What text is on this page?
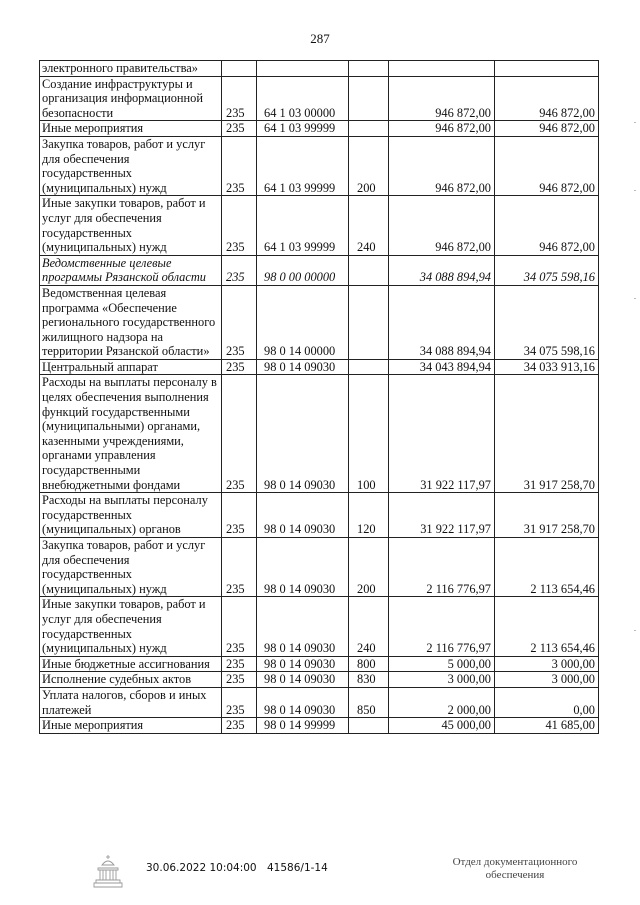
287
электронного правительства»					
Создание инфраструктуры и организация информационной безопасности	235	64 1 03 00000		946 872,00	946 872,00
Иные мероприятия	235	64 1 03 99999		946 872,00	946 872,00
Закупка товаров, работ и услуг для обеспечения государственных (муниципальных) нужд	235	64 1 03 99999	200	946 872,00	946 872,00
Иные закупки товаров, работ и услуг для обеспечения государственных (муниципальных) нужд	235	64 1 03 99999	240	946 872,00	946 872,00
Ведомственные целевые программы Рязанской области	235	98 0 00 00000		34 088 894,94	34 075 598,16
Ведомственная целевая программа «Обеспечение регионального государственного жилищного надзора на территории Рязанской области»	235	98 0 14 00000		34 088 894,94	34 075 598,16
Центральный аппарат	235	98 0 14 09030		34 043 894,94	34 033 913,16
Расходы на выплаты персоналу в целях обеспечения выполнения функций государственными (муниципальными) органами, казенными учреждениями, органами управления государственными внебюджетными фондами	235	98 0 14 09030	100	31 922 117,97	31 917 258,70
Расходы на выплаты персоналу государственных (муниципальных) органов	235	98 0 14 09030	120	31 922 117,97	31 917 258,70
Закупка товаров, работ и услуг для обеспечения государственных (муниципальных) нужд	235	98 0 14 09030	200	2 116 776,97	2 113 654,46
Иные закупки товаров, работ и услуг для обеспечения государственных (муниципальных) нужд	235	98 0 14 09030	240	2 116 776,97	2 113 654,46
Иные бюджетные ассигнования	235	98 0 14 09030	800	5 000,00	3 000,00
Исполнение судебных актов	235	98 0 14 09030	830	3 000,00	3 000,00
Уплата налогов, сборов и иных платежей	235	98 0 14 09030	850	2 000,00	0,00
Иные мероприятия	235	98 0 14 99999		45 000,00	41 685,00
30.06.2022 10:04:00 41586/1-14	Отдел документационного обеспечения
